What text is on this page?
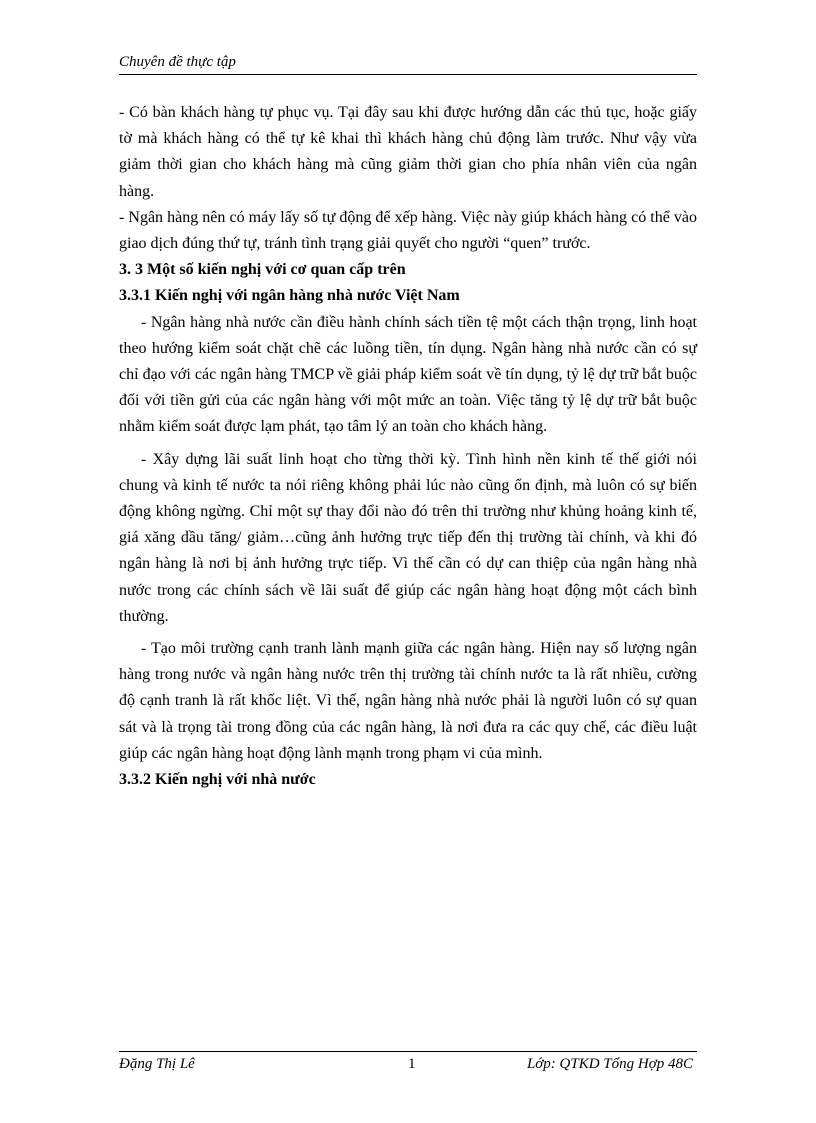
Chuyên đề thực tập

- Có bàn khách hàng tự phục vụ. Tại đây sau khi được hướng dẫn các thủ tục, hoặc giấy tờ mà khách hàng có thể tự kê khai thì khách hàng chủ động làm trước. Như vậy vừa giảm thời gian cho khách hàng mà cũng giảm thời gian cho phía nhân viên của ngân hàng.

- Ngân hàng nên có máy lấy số tự động để xếp hàng. Việc này giúp khách hàng có thể vào giao dịch đúng thứ tự, tránh tình trạng giải quyết cho người “quen” trước.

3. 3 Một số kiến nghị với cơ quan cấp trên

3.3.1 Kiến nghị với ngân hàng nhà nước Việt Nam

- Ngân hàng nhà nước cần điều hành chính sách tiền tệ một cách thận trọng, linh hoạt theo hướng kiểm soát chặt chẽ các luồng tiền, tín dụng. Ngân hàng nhà nước cần có sự chỉ đạo với các ngân hàng TMCP về giải pháp kiểm soát về tín dụng, tỷ lệ dự trữ bắt buộc đối với tiền gửi của các ngân hàng với một mức an toàn. Việc tăng tỷ lệ dự trữ bắt buộc nhằm kiểm soát được lạm phát, tạo tâm lý an toàn cho khách hàng.

- Xây dựng lãi suất linh hoạt cho từng thời kỳ. Tình hình nền kinh tế thế giới nói chung và kinh tế nước ta nói riêng không phải lúc nào cũng ổn định, mà luôn có sự biến động không ngừng. Chỉ một sự thay đổi nào đó trên thi trường như khủng hoảng kinh tế, giá xăng dầu tăng/ giảm…cũng ảnh hưởng trực tiếp đến thị trường tài chính, và khi đó ngân hàng là nơi bị ảnh hưởng trực tiếp. Vì thế cần có dự can thiệp của ngân hàng nhà nước trong các chính sách về lãi suất để giúp các ngân hàng hoạt động một cách bình thường.

- Tạo môi trường cạnh tranh lành mạnh giữa các ngân hàng. Hiện nay số lượng ngân hàng trong nước và ngân hàng nước trên thị trường tài chính nước ta là rất nhiều, cường độ cạnh tranh là rất khốc liệt. Vì thế, ngân hàng nhà nước phải là người luôn có sự quan sát và là trọng tài trong đồng của các ngân hàng, là nơi đưa ra các quy chế, các điều luật giúp các ngân hàng hoạt động lành mạnh trong phạm vi của mình.

3.3.2 Kiến nghị với nhà nước

Đặng Thị Lê	1	Lớp: QTKD Tổng Hợp 48C
